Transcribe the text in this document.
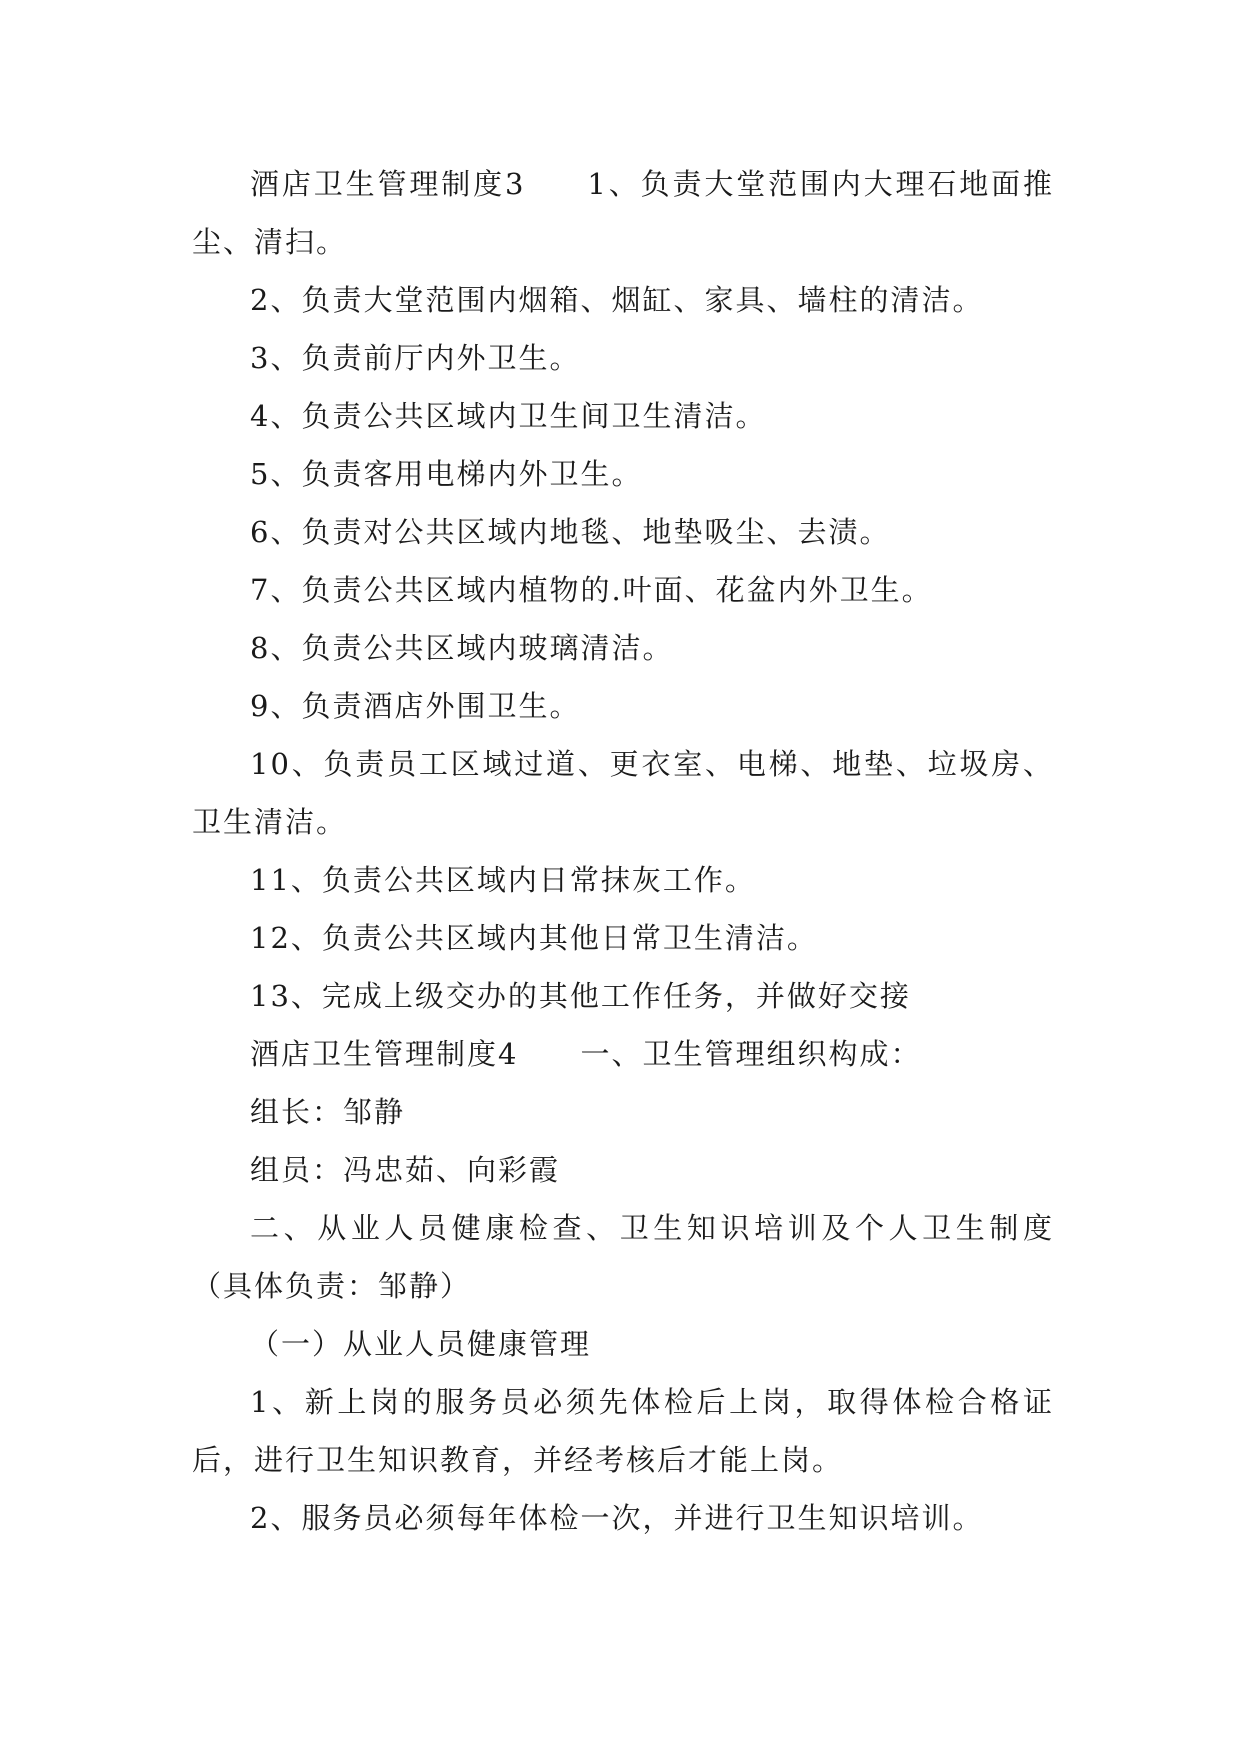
酒店卫生管理制度3 1、负责大堂范围内大理石地面推尘、清扫。

2、负责大堂范围内烟箱、烟缸、家具、墙柱的清洁。

3、负责前厅内外卫生。

4、负责公共区域内卫生间卫生清洁。

5、负责客用电梯内外卫生。

6、负责对公共区域内地毯、地垫吸尘、去渍。

7、负责公共区域内植物的.叶面、花盆内外卫生。

8、负责公共区域内玻璃清洁。

9、负责酒店外围卫生。

10、负责员工区域过道、更衣室、电梯、地垫、垃圾房、卫生清洁。

11、负责公共区域内日常抹灰工作。

12、负责公共区域内其他日常卫生清洁。

13、完成上级交办的其他工作任务，并做好交接

酒店卫生管理制度4 一、卫生管理组织构成：

组长：邹静

组员：冯忠茹、向彩霞

二、从业人员健康检查、卫生知识培训及个人卫生制度（具体负责：邹静）

（一）从业人员健康管理

1、新上岗的服务员必须先体检后上岗，取得体检合格证后，进行卫生知识教育，并经考核后才能上岗。

2、服务员必须每年体检一次，并进行卫生知识培训。
